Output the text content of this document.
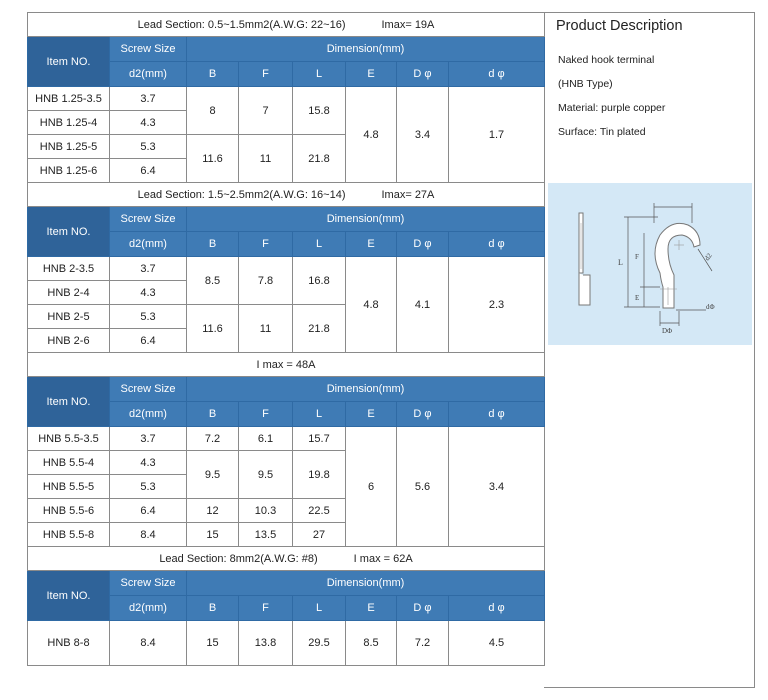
Lead Section: 0.5~1.5mm2(A.W.G: 22~16) Imax= 19A							
Item NO.	Screw Size	Dimension(mm)					
	d2(mm)	B	F	L	E	D φ	d φ
HNB 1.25-3.5	3.7	8	7	15.8	4.8	3.4	1.7
HNB 1.25-4	4.3						
HNB 1.25-5	5.3	11.6	11	21.8			
HNB 1.25-6	6.4						
Lead Section: 1.5~2.5mm2(A.W.G: 16~14) Imax= 27A							
Item NO.	Screw Size	Dimension(mm)					
	d2(mm)	B	F	L	E	D φ	d φ
HNB 2-3.5	3.7	8.5	7.8	16.8	4.8	4.1	2.3
HNB 2-4	4.3						
HNB 2-5	5.3	11.6	11	21.8			
HNB 2-6	6.4						
I max = 48A							
Item NO.	Screw Size	Dimension(mm)					
	d2(mm)	B	F	L	E	D φ	d φ
HNB 5.5-3.5	3.7	7.2	6.1	15.7	6	5.6	3.4
HNB 5.5-4	4.3	9.5	9.5	19.8			
HNB 5.5-5	5.3						
HNB 5.5-6	6.4	12	10.3	22.5			
HNB 5.5-8	8.4	15	13.5	27			
Lead Section: 8mm2(A.W.G: #8) I max = 62A							
Item NO.	Screw Size	Dimension(mm)					
	d2(mm)	B	F	L	E	D φ	d φ
HNB 8-8	8.4	15	13.8	29.5	8.5	7.2	4.5
Product Description
Naked hook terminal
(HNB Type)
Material: purple copper
Surface: Tin plated
L
F
E
d2
dΦ
DΦ
